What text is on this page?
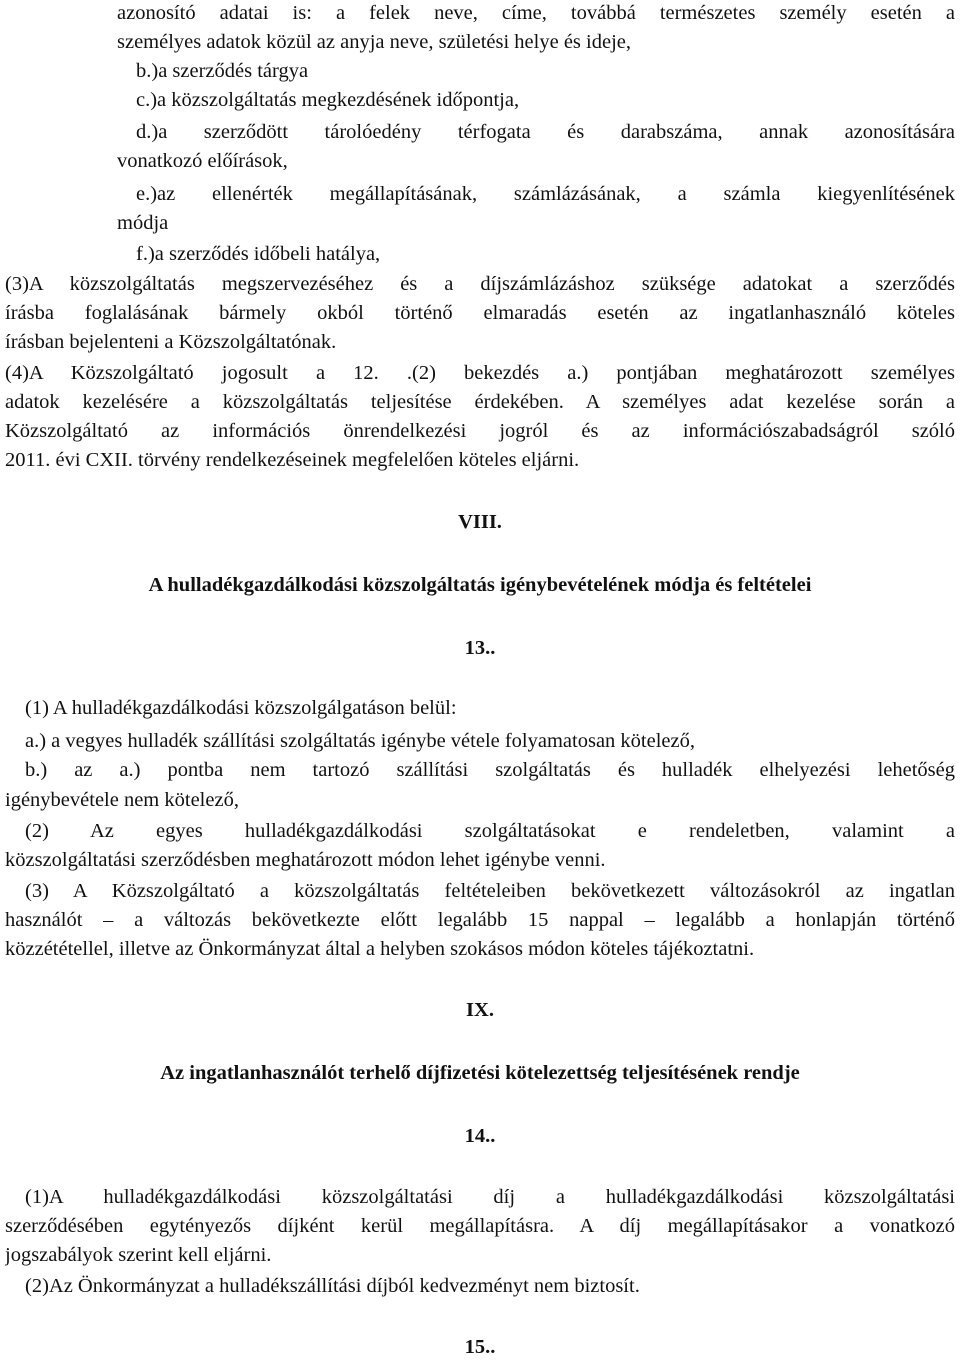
azonosító adatai is: a felek neve, címe, továbbá természetes személy esetén a
személyes adatok közül az anyja neve, születési helye és ideje,
b.)a szerződés tárgya
c.)a közszolgáltatás megkezdésének időpontja,
d.)a szerződött tárolóedény térfogata és darabszáma, annak azonosítására
vonatkozó előírások,
e.)az ellenérték megállapításának, számlázásának, a számla kiegyenlítésének
módja
f.)a szerződés időbeli hatálya,
(3)A közszolgáltatás megszervezéséhez és a díjszámlázáshoz szüksége adatokat a szerződés
írásba foglalásának bármely okból történő elmaradás esetén az ingatlanhasználó köteles
írásban bejelenteni a Közszolgáltatónak.
(4)A Közszolgáltató jogosult a 12. .(2) bekezdés a.) pontjában meghatározott személyes
adatok kezelésére a közszolgáltatás teljesítése érdekében. A személyes adat kezelése során a
Közszolgáltató az információs önrendelkezési jogról és az információszabadságról szóló
2011. évi CXII. törvény rendelkezéseinek megfelelően köteles eljárni.
VIII.
A hulladékgazdálkodási közszolgáltatás igénybevételének módja és feltételei
13..
(1) A hulladékgazdálkodási közszolgálgatáson belül:
a.) a vegyes hulladék szállítási szolgáltatás igénybe vétele folyamatosan kötelező,
b.) az a.) pontba nem tartozó szállítási szolgáltatás és hulladék elhelyezési lehetőség
igénybevétele nem kötelező,
(2) Az egyes hulladékgazdálkodási szolgáltatásokat e rendeletben, valamint a
közszolgáltatási szerződésben meghatározott módon lehet igénybe venni.
(3) A Közszolgáltató a közszolgáltatás feltételeiben bekövetkezett változásokról az ingatlan
használót – a változás bekövetkezte előtt legalább 15 nappal – legalább a honlapján történő
közzététellel, illetve az Önkormányzat által a helyben szokásos módon köteles tájékoztatni.
IX.
Az ingatlanhasználót terhelő díjfizetési kötelezettség teljesítésének rendje
14..
(1)A hulladékgazdálkodási közszolgáltatási díj a hulladékgazdálkodási közszolgáltatási
szerződésében egytényezős díjként kerül megállapításra. A díj megállapításakor a vonatkozó
jogszabályok szerint kell eljárni.
(2)Az Önkormányzat a hulladékszállítási díjból kedvezményt nem biztosít.
15..
